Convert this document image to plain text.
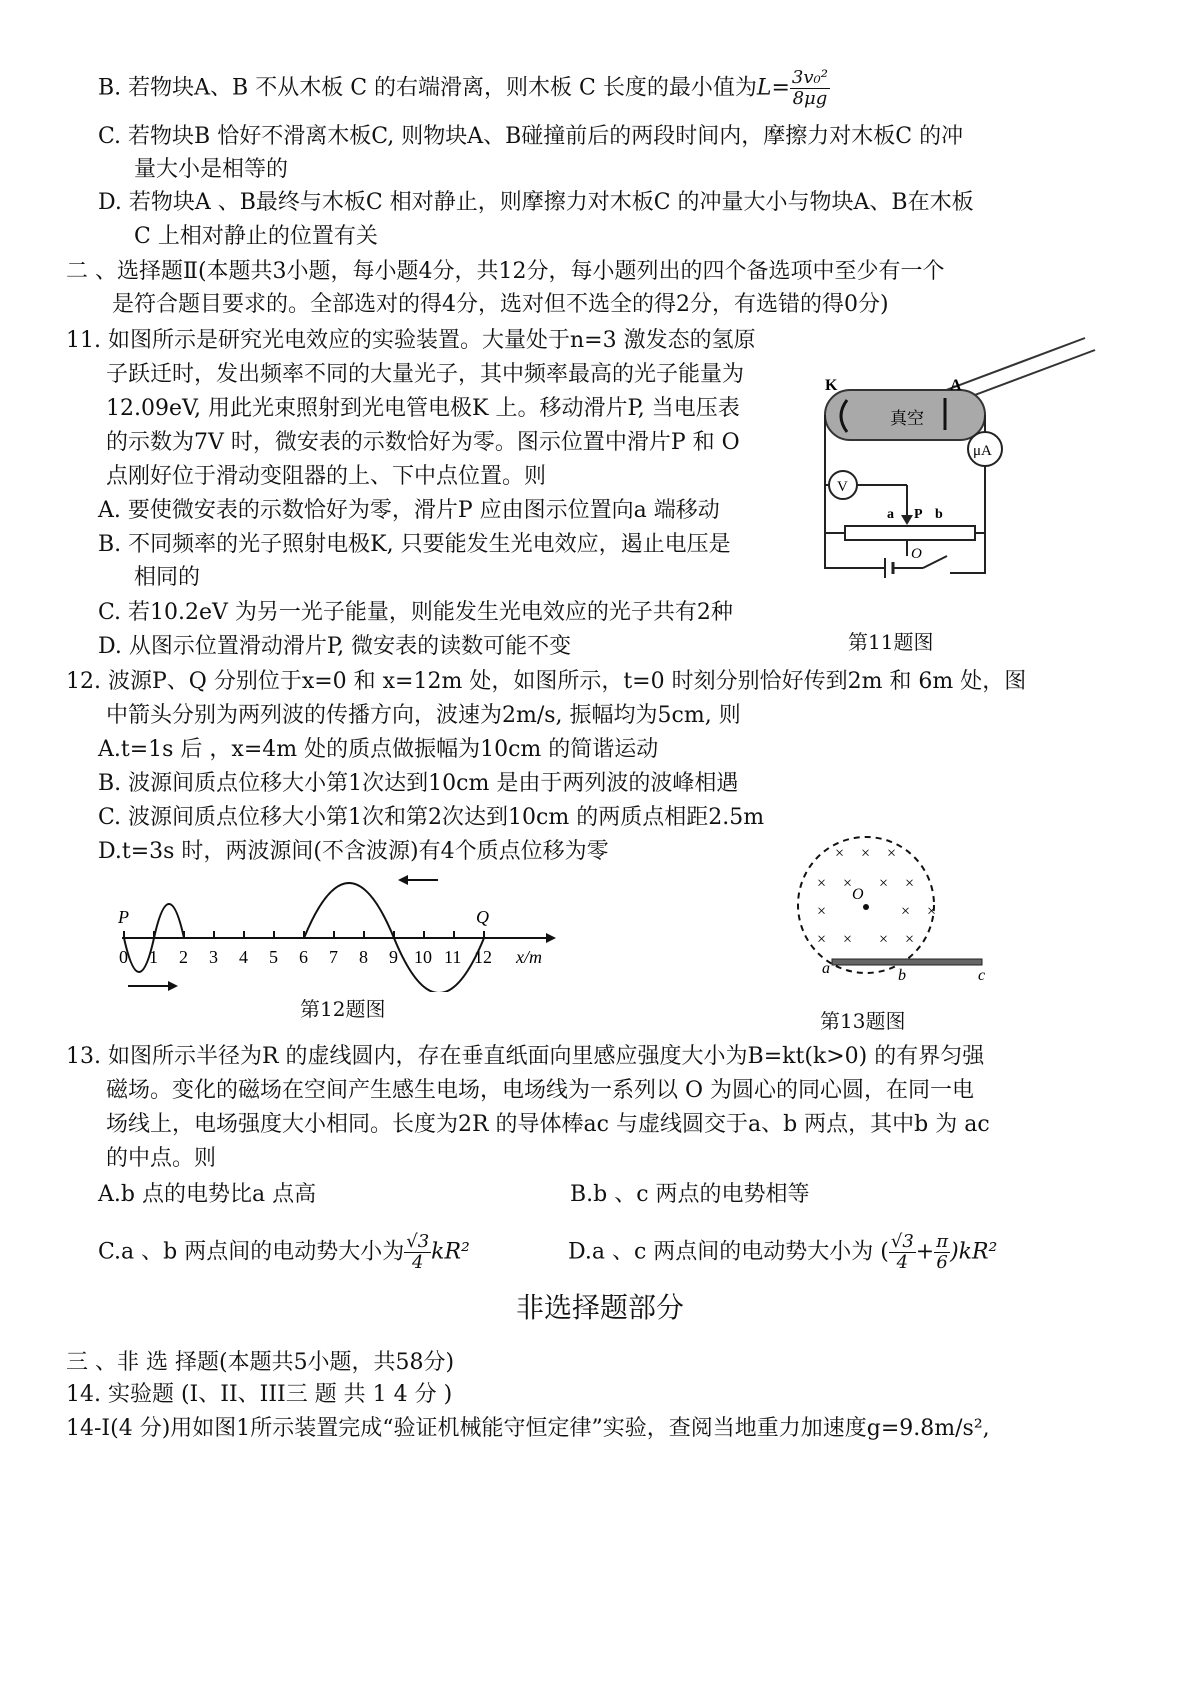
B. 若物块A、B 不从木板 C 的右端滑离，则木板 C 长度的最小值为$L= \frac{\text{3v₀²}}{8\mu g}$
C. 若物块B 恰好不滑离木板C, 则物块A、B碰撞前后的两段时间内，摩擦力对木板C 的冲
量大小是相等的
D. 若物块A 、B最终与木板C 相对静止，则摩擦力对木板C 的冲量大小与物块A、B在木板
C 上相对静止的位置有关
二 、选择题Ⅱ(本题共3小题，每小题4分，共12分，每小题列出的四个备选项中至少有一个
是符合题目要求的。全部选对的得4分，选对但不选全的得2分，有选错的得0分)
11. 如图所示是研究光电效应的实验装置。大量处于n=3 激发态的氢原
子跃迁时，发出频率不同的大量光子，其中频率最高的光子能量为
12.09eV, 用此光束照射到光电管电极K 上。移动滑片P, 当电压表
的示数为7V 时，微安表的示数恰好为零。图示位置中滑片P 和 O
点刚好位于滑动变阻器的上、下中点位置。则
A. 要使微安表的示数恰好为零，滑片P 应由图示位置向a 端移动
B. 不同频率的光子照射电极K, 只要能发生光电效应，遏止电压是
相同的
C. 若10.2eV 为另一光子能量，则能发生光电效应的光子共有2种
D. 从图示位置滑动滑片P, 微安表的读数可能不变
K	A
真空
μA
V
a P b
O
第11题图
12. 波源P、Q 分别位于x=0 和 x=12m 处，如图所示，t=0 时刻分别恰好传到2m 和 6m 处，图
中箭头分别为两列波的传播方向，波速为2m/s, 振幅均为5cm, 则
A.t=1s 后 ，x=4m 处的质点做振幅为10cm 的简谐运动
B. 波源间质点位移大小第1次达到10cm 是由于两列波的波峰相遇
C. 波源间质点位移大小第1次和第2次达到10cm 的两质点相距2.5m
D.t=3s 时，两波源间(不含波源)有4个质点位移为零
x/m
P	Q
0 1 2 3 4 5 6 7 8 9 10 11 12
第12题图
× × ×
× × × ×
×	× ×
× × × ×
O
a	b	c
第13题图
13. 如图所示半径为R 的虚线圆内，存在垂直纸面向里感应强度大小为B=kt(k>0) 的有界匀强
磁场。变化的磁场在空间产生感生电场，电场线为一系列以 O 为圆心的同心圆，在同一电
场线上，电场强度大小相同。长度为2R 的导体棒ac 与虚线圆交于a、b 两点，其中b 为 ac
的中点。则
A.b 点的电势比a 点高	B.b 、c 两点的电势相等
C.a 、b 两点间的电动势大小为 $\frac{√3}{4} kR^2$	D.a 、c 两点间的电动势大小为 ( $\frac{√3}{4} + \frac{\pi}{6} )kR^2$
非选择题部分
三 、非 选 择题(本题共5小题，共58分)
14. 实验题 (I、II、III三 题 共 1 4 分 )
14-I(4 分)用如图1所示装置完成“验证机械能守恒定律”实验，查阅当地重力加速度g=9.8m/s²,
